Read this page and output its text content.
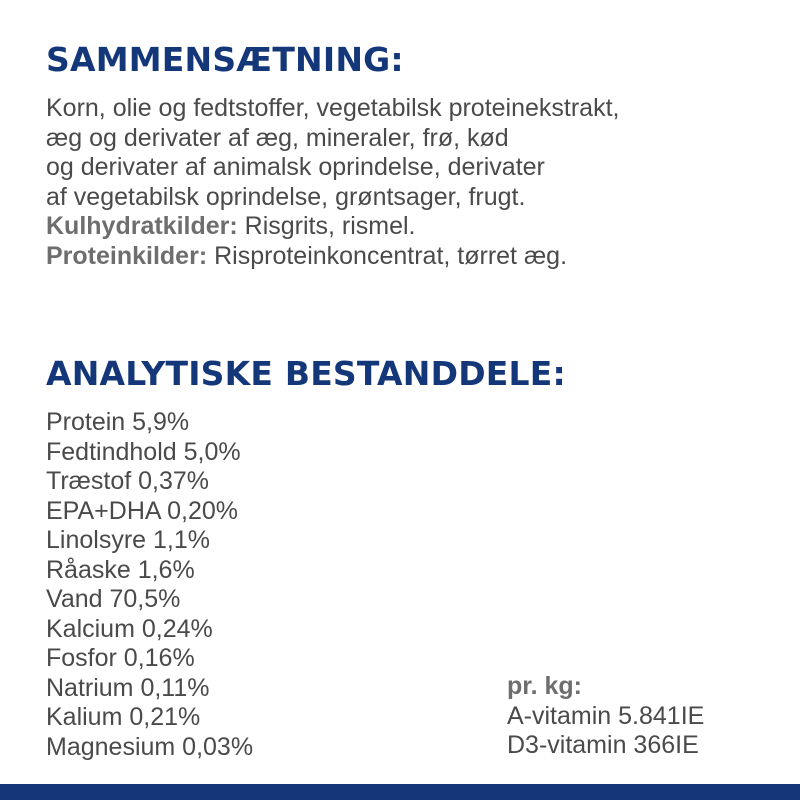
SAMMENSÆTNING:
Korn, olie og fedtstoffer, vegetabilsk proteinekstrakt,
æg og derivater af æg, mineraler, frø, kød
og derivater af animalsk oprindelse, derivater
af vegetabilsk oprindelse, grøntsager, frugt.
Kulhydratkilder: Risgrits, rismel.
Proteinkilder: Risproteinkoncentrat, tørret æg.
ANALYTISKE BESTANDDELE:
Protein 5,9%
Fedtindhold 5,0%
Træstof 0,37%
EPA+DHA 0,20%
Linolsyre 1,1%
Råaske 1,6%
Vand 70,5%
Kalcium 0,24%
Fosfor 0,16%
Natrium 0,11%
Kalium 0,21%
Magnesium 0,03%
pr. kg:
A-vitamin 5.841IE
D3-vitamin 366IE
